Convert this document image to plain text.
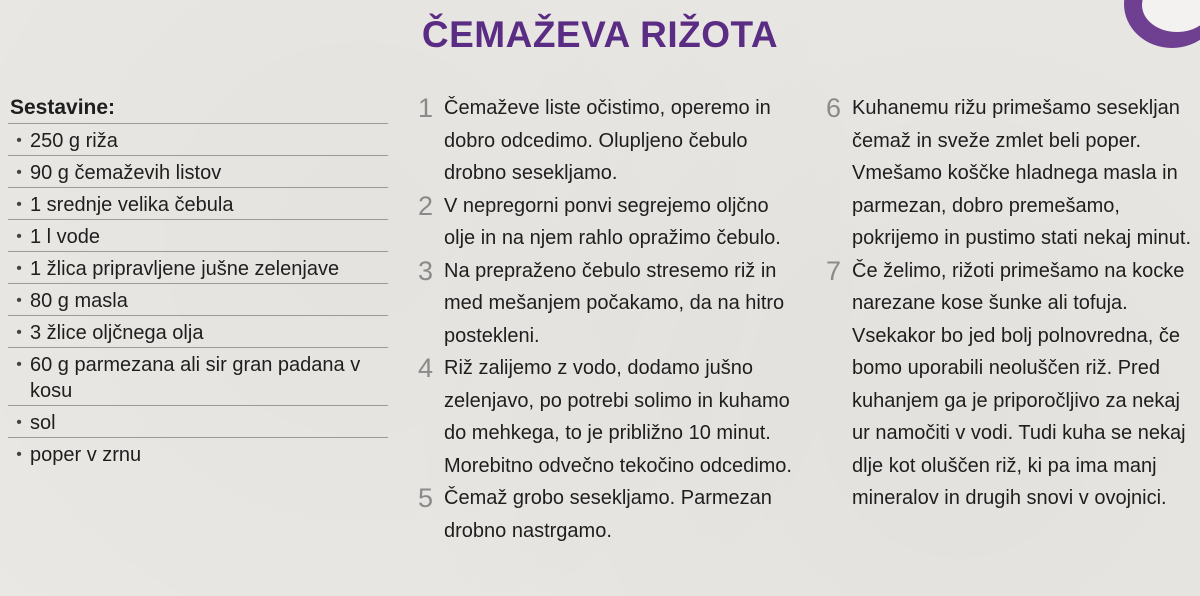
ČEMAŽEVA RIŽOTA
Sestavine:
• 250 g riža
• 90 g čemaževih listov
• 1 srednje velika čebula
• 1 l vode
• 1 žlica pripravljene jušne zelenjave
• 80 g masla
• 3 žlice oljčnega olja
• 60 g parmezana ali sir gran padana v kosu
• sol
• poper v zrnu
1 Čemaževe liste očistimo, operemo in dobro odcedimo. Olupljeno čebulo drobno sesekljamo.
2 V nepregorni ponvi segrejemo oljčno olje in na njem rahlo opražimo čebulo.
3 Na prepraženo čebulo stresemo riž in med mešanjem počakamo, da na hitro postekleni.
4 Riž zalijemo z vodo, dodamo jušno zelenjavo, po potrebi solimo in kuhamo do mehkega, to je približno 10 minut. Morebitno odvečno tekočino odcedimo.
5 Čemaž grobo sesekljamo. Parmezan drobno nastrgamo.
6 Kuhanemu rižu primešamo sesekljan čemaž in sveže zmlet beli poper. Vmešamo koščke hladnega masla in parmezan, dobro premešamo, pokrijemo in pustimo stati nekaj minut.
7 Če želimo, rižoti primešamo na kocke narezane kose šunke ali tofuja. Vsekakor bo jed bolj polnovredna, če bomo uporabili neoluščen riž. Pred kuhanjem ga je priporočljivo za nekaj ur namočiti v vodi. Tudi kuha se nekaj dlje kot oluščen riž, ki pa ima manj mineralov in drugih snovi v ovojnici.
